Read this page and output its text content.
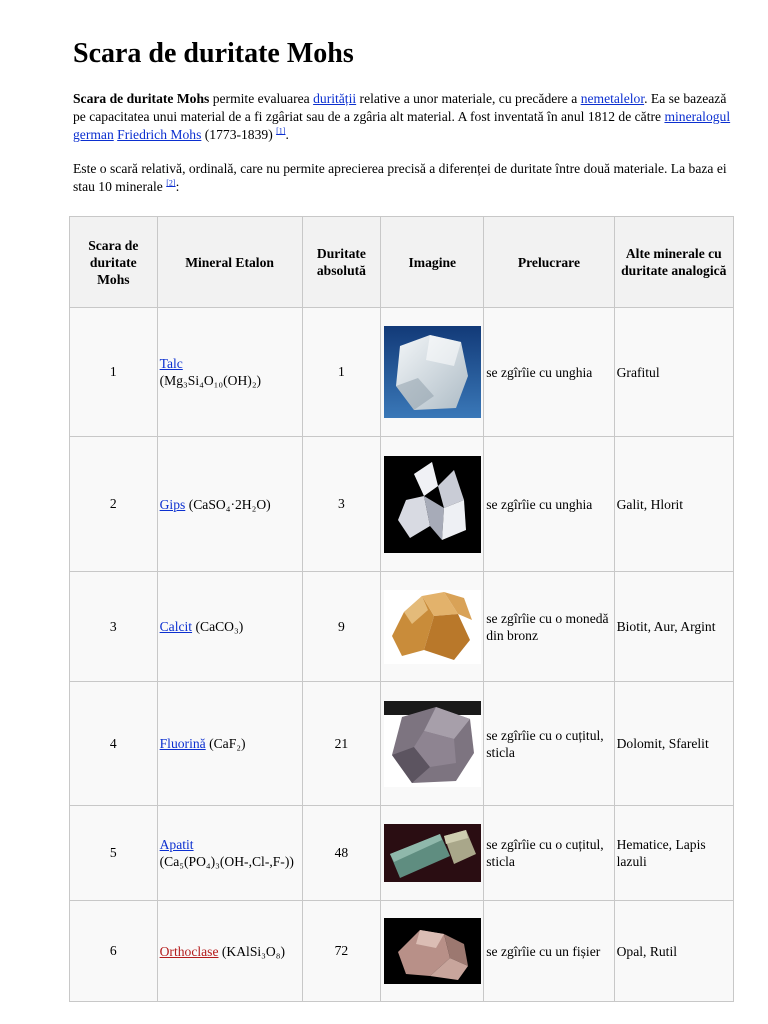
Scara de duritate Mohs

Scara de duritate Mohs permite evaluarea durității relative a unor materiale, cu precădere a nemetalelor. Ea se bazează pe capacitatea unui material de a fi zgâriat sau de a zgâria alt material. A fost inventată în anul 1812 de către mineralogul german Friedrich Mohs (1773-1839) [1].

Este o scară relativă, ordinală, care nu permite aprecierea precisă a diferenței de duritate între două materiale. La baza ei stau 10 minerale [2]:

Scara de duritate Mohs	Mineral Etalon	Duritate absolută	Imagine	Prelucrare	Alte minerale cu duritate analogică
1	Talc
(Mg₃Si₄O₁₀(OH)₂)	1		se zgîrîie cu unghia	Grafitul
2	Gips (CaSO₄·2H₂O)	3		se zgîrîie cu unghia	Galit, Hlorit
3	Calcit (CaCO₃)	9		se zgîrîie cu o monedă din bronz	Biotit, Aur, Argint
4	Fluorină (CaF₂)	21		se zgîrîie cu o cuțitul, sticla	Dolomit, Sfarelit
5	Apatit
(Ca₅(PO₄)₃(OH-,Cl-,F-))	48		se zgîrîie cu o cuțitul, sticla	Hematice, Lapis lazuli
6	Orthoclase (KAlSi₃O₈)	72		se zgîrîie cu un fișier	Opal, Rutil
